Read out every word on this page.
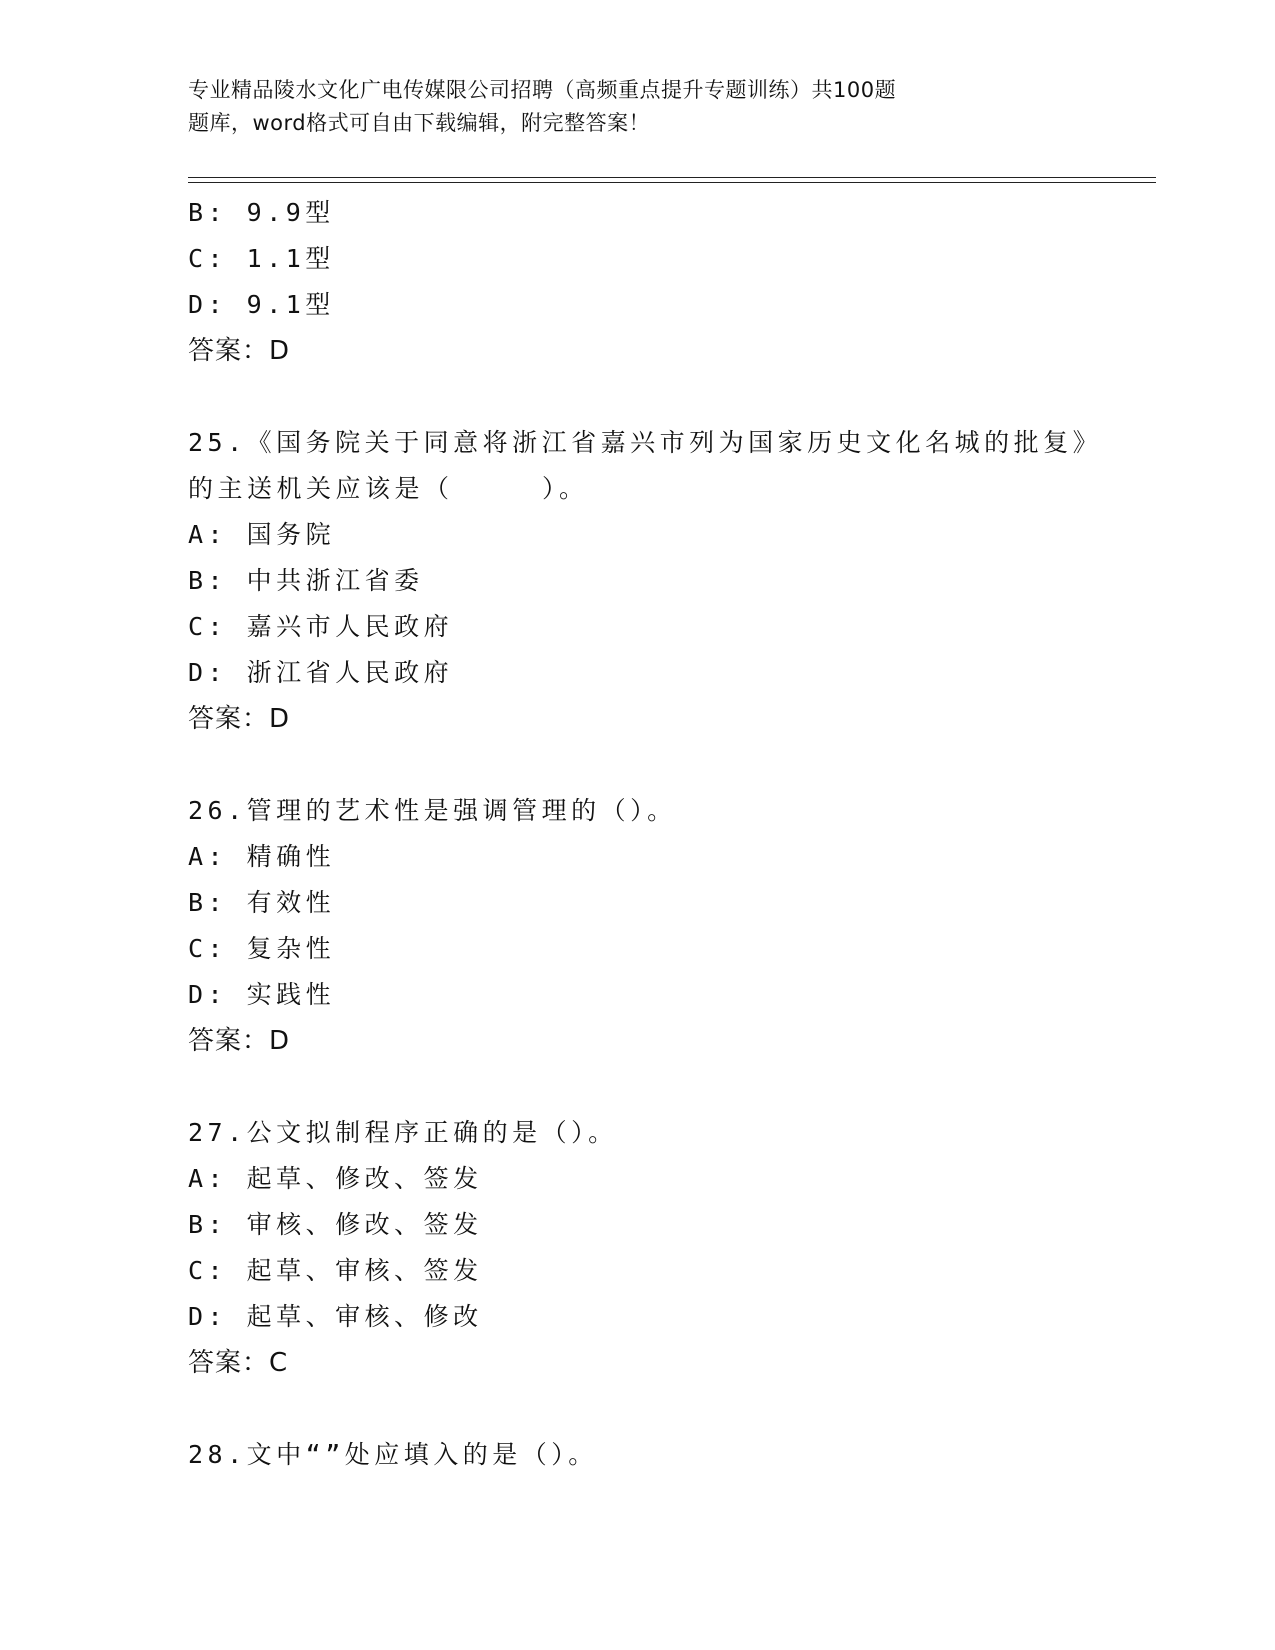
专业精品陵水文化广电传媒限公司招聘（高频重点提升专题训练）共100题
题库，word格式可自由下载编辑，附完整答案！
B: 9.9型
C: 1.1型
D: 9.1型
答案：D
25.《国务院关于同意将浙江省嘉兴市列为国家历史文化名城的批复》
的主送机关应该是（　　　）。
A: 国务院
B: 中共浙江省委
C: 嘉兴市人民政府
D: 浙江省人民政府
答案：D
26.管理的艺术性是强调管理的（）。
A: 精确性
B: 有效性
C: 复杂性
D: 实践性
答案：D
27.公文拟制程序正确的是（）。
A: 起草、修改、签发
B: 审核、修改、签发
C: 起草、审核、签发
D: 起草、审核、修改
答案：C
28.文中“”处应填入的是（）。
